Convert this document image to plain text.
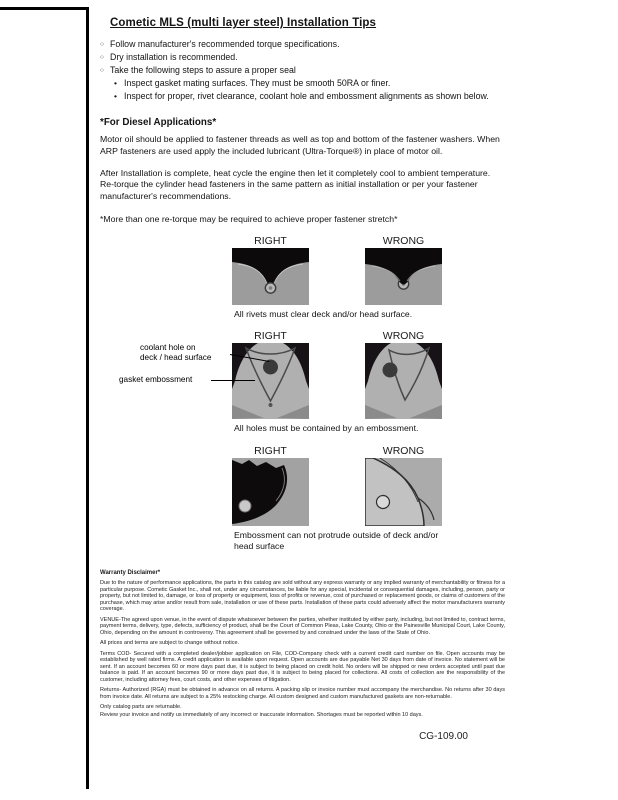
Cometic MLS (multi layer steel) Installation Tips
○ Follow manufacturer's recommended torque specifications.
○ Dry installation is recommended.
○ Take the following steps to assure a proper seal
• Inspect gasket mating surfaces. They must be smooth 50RA or finer.
• Inspect for proper, rivet clearance, coolant hole and embossment alignments as shown below.
*For Diesel Applications*
Motor oil should be applied to fastener threads as well as top and bottom of the fastener washers. When ARP fasteners are used apply the included lubricant (Ultra-Torque®) in place of motor oil.
After Installation is complete, heat cycle the engine then let it completely cool to ambient temperature. Re-torque the cylinder head fasteners in the same pattern as initial installation or per your fastener manufacturer's recommendations.
*More than one re-torque may be required to achieve proper fastener stretch*
RIGHT	WRONG
All rivets must clear deck and/or head surface.
coolant hole on
deck / head surface
gasket embossment
RIGHT	WRONG
All holes must be contained by an embossment.
RIGHT	WRONG
Embossment can not protrude outside of deck and/or head surface
Warranty Disclaimer*
Due to the nature of performance applications, the parts in this catalog are sold without any express warranty or any implied warranty of merchantability or fitness for a particular purpose. Cometic Gasket Inc., shall not, under any circumstances, be liable for any special, incidental or consequential damages, including, person, party or property, but not limited to, damage, or loss of property or equipment, loss of profits or revenue, cost of purchased or replacement goods, or claims of customers of the purchase, which may arise and/or result from sale, installation or use of these parts. Installation of these parts could adversely affect the motor manufacturers warranty coverage.
VENUE-The agreed upon venue, in the event of dispute whatsoever between the parties, whether instituted by either party, including, but not limited to, contract terms, payment terms, delivery, type, defects, sufficiency of product, shall be the Court of Common Pleas, Lake County, Ohio or the Painesville Municipal Court, Lake County, Ohio, depending on the amount in controversy. This agreement shall be governed by and construed under the laws of the State of Ohio.
All prices and terms are subject to change without notice.
Terms COD- Secured with a completed dealer/jobber application on File, COD-Company check with a current credit card number on file. Open accounts may be established by well rated firms. A credit application is available upon request. Open accounts are due payable Net 30 days from date of invoice. No statement will be sent. If an account becomes 60 or more days past due, it is subject to being placed on credit hold. No orders will be shipped or new orders accepted until past due balance is paid. If an account becomes 90 or more days past due, it is subject to being placed for collections. All costs of collection are the responsibility of the customer, including attorney fees, court costs, and other expenses of litigation.
Returns- Authorized (RGA) must be obtained in advance on all returns. A packing slip or invoice number must accompany the merchandise. No returns after 30 days from invoice date. All returns are subject to a 25% restocking charge. All custom designed and custom manufactured gaskets are non-returnable.
Only catalog parts are returnable.
Review your invoice and notify us immediately of any incorrect or inaccurate information. Shortages must be reported within 10 days.
CG-109.00
